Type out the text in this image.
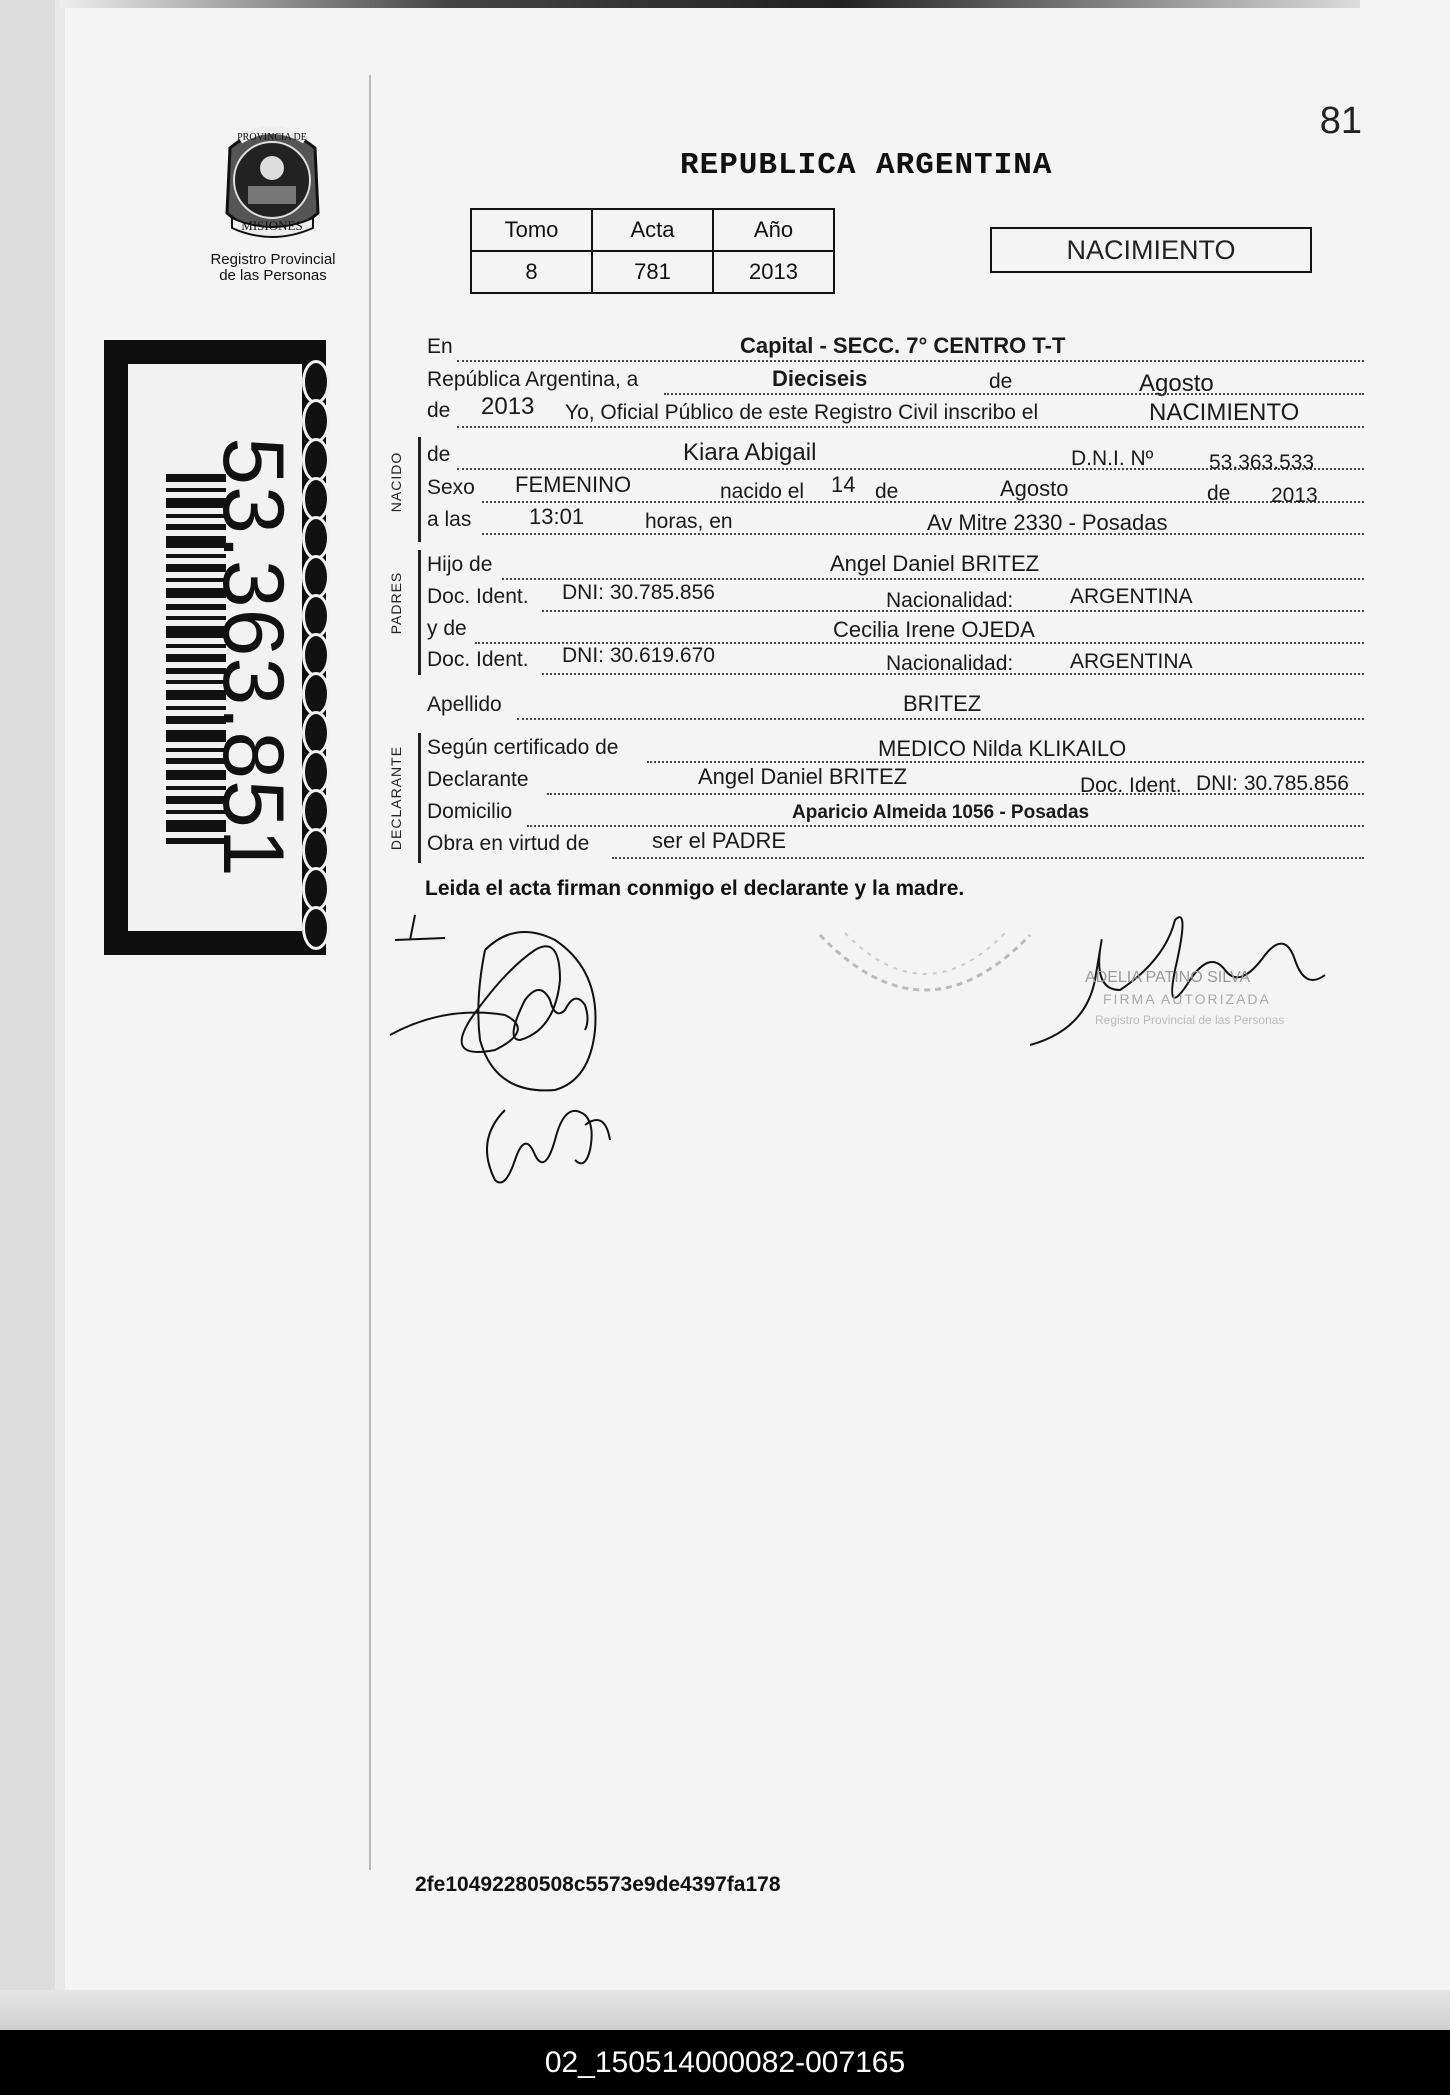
81
REPUBLICA ARGENTINA
PROVINCIA DE
MISIONES
Registro Provincial
de las Personas
Tomo	Acta	Año
8	781	2013
NACIMIENTO
53.363.851	NACIDO
PADRES
DECLARANTE
En	Capital - SECC. 7° CENTRO T-T
República Argentina, a	Dieciseis	de	Agosto
de 2013 Yo, Oficial Público de este Registro Civil inscribo el	NACIMIENTO
de	Kiara Abigail	D.N.I. Nº	53.363.533
Sexo FEMENINO	nacido el 14 de	Agosto	de 2013
a las	13:01	horas, en	Av Mitre 2330 - Posadas
Hijo de	Angel Daniel BRITEZ
Doc. Ident. DNI: 30.785.856	Nacionalidad:	ARGENTINA
y de	Cecilia Irene OJEDA
Doc. Ident. DNI: 30.619.670	Nacionalidad:	ARGENTINA
Apellido	BRITEZ
Según certificado de	MEDICO Nilda KLIKAILO
Declarante	Angel Daniel BRITEZ	Doc. Ident. DNI: 30.785.856
Domicilio	Aparicio Almeida 1056 - Posadas
Obra en virtud de	ser el PADRE
Leida el acta firman conmigo el declarante y la madre.
ADELIA PATINO SILVA
FIRMA AUTORIZADA
Registro Provincial de las Personas
2fe10492280508c5573e9de4397fa178
02_150514000082-007165
